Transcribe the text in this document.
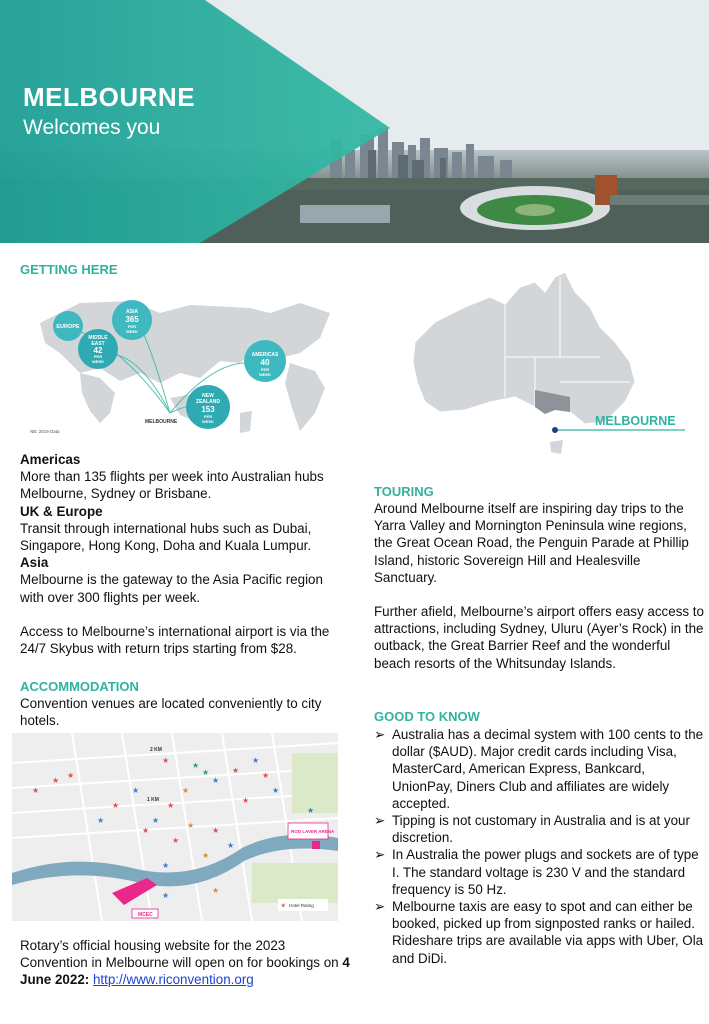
MELBOURNE
Welcomes you
GETTING HERE
EUROPE
ASIA
365
PER
WEEK
MIDDLE
EAST
42
PER
WEEK
AMERICAS
40
PER
WEEK
NEW
ZEALAND
153
PER
WEEK
MELBOURNE
NB: 2019 Data
Americas
More than 135 flights per week into Australian hubs Melbourne, Sydney or Brisbane.
UK & Europe
Transit through international hubs such as Dubai, Singapore, Hong Kong, Doha and Kuala Lumpur.
Asia
Melbourne is the gateway to the Asia Pacific region with over 300 flights per week.
Access to Melbourne’s international airport is via the 24/7 Skybus with return trips starting from $28.
MELBOURNE
ACCOMMODATION
Convention venues are located conveniently to city hotels.
★
★
★
★
★
★
★
★
★
★
★
★
★
★
★
★
★
★
★
★
★
★
★
★
★
★
★
★
2 KM
1 KM
ROD LAVER ARENA
MCEC
★ Hotel Rating
Rotary’s official housing website for the 2023 Convention in Melbourne will open on for bookings on 4 June 2022: http://www.riconvention.org
TOURING
Around Melbourne itself are inspiring day trips to the Yarra Valley and Mornington Peninsula wine regions, the Great Ocean Road, the Penguin Parade at Phillip Island, historic Sovereign Hill and Healesville Sanctuary.
Further afield, Melbourne’s airport offers easy access to attractions, including Sydney, Uluru (Ayer’s Rock) in the outback, the Great Barrier Reef and the wonderful beach resorts of the Whitsunday Islands.
GOOD TO KNOW
➢ Australia has a decimal system with 100 cents to the dollar ($AUD). Major credit cards including Visa, MasterCard, American Express, Bankcard, UnionPay, Diners Club and affiliates are widely accepted.
➢ Tipping is not customary in Australia and is at your discretion.
➢ In Australia the power plugs and sockets are of type I. The standard voltage is 230 V and the standard frequency is 50 Hz.
➢ Melbourne taxis are easy to spot and can either be booked, picked up from signposted ranks or hailed. Rideshare trips are available via apps with Uber, Ola and DiDi.
